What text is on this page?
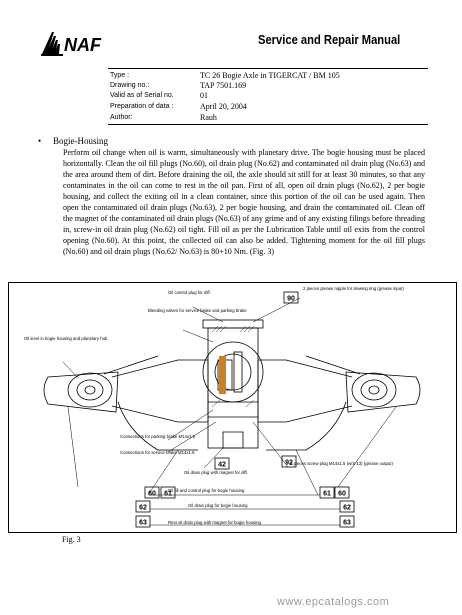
NAF	Service and Repair Manual
Type :	TC 26 Bogie Axle in TIGERCAT / BM 105
Drawing no.:	TAP 7501.169
Valid as of Serial no.	01
Preparation of data :	April 20, 2004
Author:	Rauh
• Bogie-Housing

Perform oil change when oil is warm, simultaneously with planetary drive. The bogie housing must be placed horizontally. Clean the oil fill plugs (No.60), oil drain plug (No.62) and contaminated oil drain plug (No.63) and the area around them of dirt. Before draining the oil, the axle should sit still for at least 30 minutes, so that any contaminates in the oil can come to rest in the oil pan. First of all, open oil drain plugs (No.62), 2 per bogie housing, and collect the exiting oil in a clean container, since this portion of the oil can be used again. Then open the contaminated oil drain plugs (No.63), 2 per bogie housing, and drain the contaminated oil. Clean off the magnet of the contaminated oil drain plugs (No.63) of any grime and of any existing filings before threading in, screw-in oil drain plug (No.62) oil tight. Fill oil as per the Lubrication Table until oil exits from the control opening (No.60). At this point, the collected oil can also be added. Tightening moment for the oil fill plugs (No.60) and oil drain plugs (No.62/ No.63) is 80+10 Nm. (Fig. 3)

Oil control plug for diff.
Bleeding valves for service brake and parking brake
Oil level in bogie housing and planetary hub
2 pieces grease nipple for slewing ring (grease input)
Connections for parking brake M14x1.5
Connections for service brake M14x1.5
Oil drain plug with magnet for diff.
2 pieces screw plug M14x1.5 (w/S 13) (grease output)
Oil fill and control plug for bogie housing
Oil drain plug for bogie housing
Rest oil drain plug with magnet for bogie housing
90
42	92
60 61	61 60
62	62
63	63
Fig. 3
www.epcatalogs.com
